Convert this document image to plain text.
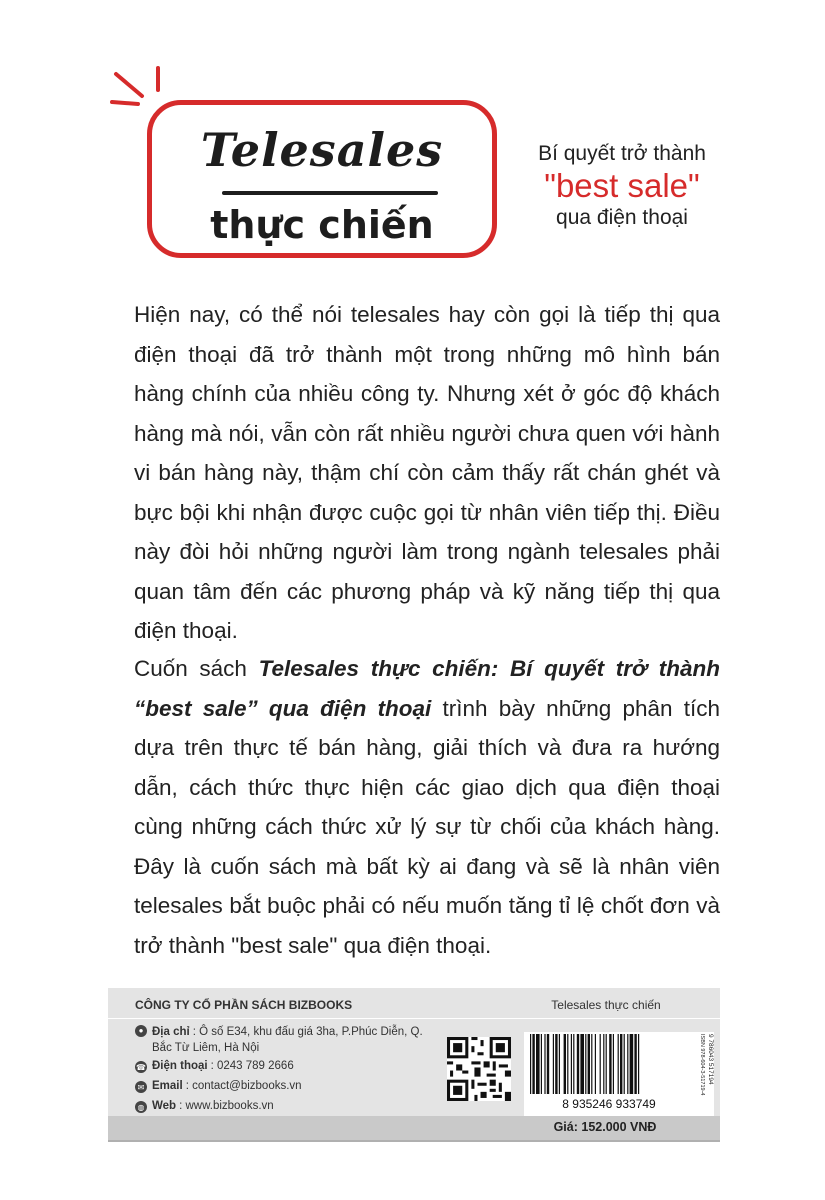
Telesales
thực chiến
Bí quyết trở thành
"best sale"
qua điện thoại

Hiện nay, có thể nói telesales hay còn gọi là tiếp thị qua điện thoại đã trở thành một trong những mô hình bán hàng chính của nhiều công ty. Nhưng xét ở góc độ khách hàng mà nói, vẫn còn rất nhiều người chưa quen với hành vi bán hàng này, thậm chí còn cảm thấy rất chán ghét và bực bội khi nhận được cuộc gọi từ nhân viên tiếp thị. Điều này đòi hỏi những người làm trong ngành telesales phải quan tâm đến các phương pháp và kỹ năng tiếp thị qua điện thoại.

Cuốn sách Telesales thực chiến: Bí quyết trở thành “best sale” qua điện thoại trình bày những phân tích dựa trên thực tế bán hàng, giải thích và đưa ra hướng dẫn, cách thức thực hiện các giao dịch qua điện thoại cùng những cách thức xử lý sự từ chối của khách hàng. Đây là cuốn sách mà bất kỳ ai đang và sẽ là nhân viên telesales bắt buộc phải có nếu muốn tăng tỉ lệ chốt đơn và trở thành "best sale" qua điện thoại.

CÔNG TY CỔ PHẦN SÁCH BIZBOOKS	Telesales thực chiến
● Địa chỉ : Ô số E34, khu đấu giá 3ha, P.Phúc Diễn, Q. Bắc Từ Liêm, Hà Nội
☎ Điện thoại : 0243 789 2666
✉ Email : contact@bizbooks.vn
◍ Web : www.bizbooks.vn	8 935246 933749
ISBN 978-604-3-51719-4 9 786043 517194
Giá: 152.000 VNĐ
